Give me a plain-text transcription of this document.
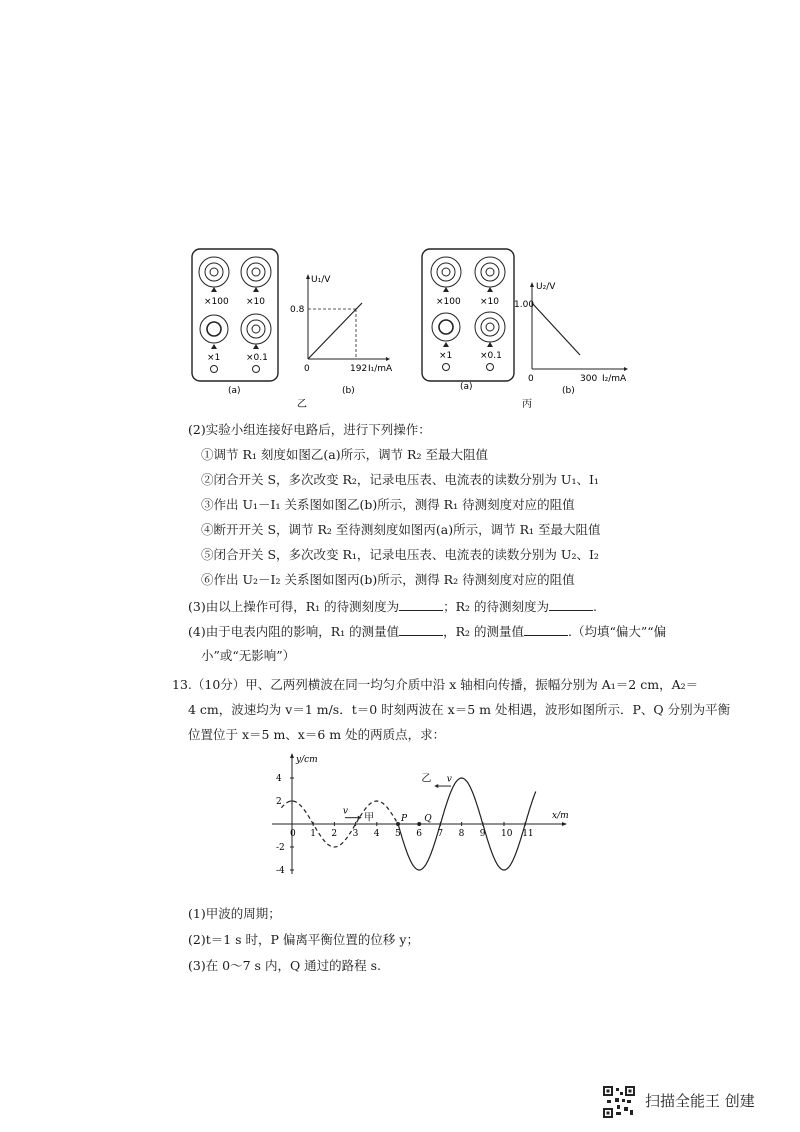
×100 ×10
×1	×0.1
(a)
U₁/V
0.8
192 I₁/mA
0
(b)
乙
×100 ×10
×1	×0.1
(a)
U₂/V
1.00
300 I₂/mA
0
(b)
丙
(2)实验小组连接好电路后，进行下列操作：
①调节 R₁ 刻度如图乙(a)所示，调节 R₂ 至最大阻值
②闭合开关 S，多次改变 R₂，记录电压表、电流表的读数分别为 U₁、I₁
③作出 U₁－I₁ 关系图如图乙(b)所示，测得 R₁ 待测刻度对应的阻值
④断开开关 S，调节 R₂ 至待测刻度如图丙(a)所示，调节 R₁ 至最大阻值
⑤闭合开关 S，多次改变 R₁，记录电压表、电流表的读数分别为 U₂、I₂
⑥作出 U₂－I₂ 关系图如图丙(b)所示，测得 R₂ 待测刻度对应的阻值
(3)由以上操作可得，R₁ 的待测刻度为	；R₂ 的待测刻度为	.
(4)由于电表内阻的影响，R₁ 的测量值	，R₂ 的测量值	.（均填“偏大”“偏
小”或“无影响”）
13.（10分）甲、乙两列横波在同一均匀介质中沿 x 轴相向传播，振幅分别为 A₁＝2 cm，A₂＝
4 cm，波速均为 v＝1 m/s．t＝0 时刻两波在 x＝5 m 处相遇，波形如图所示．P、Q 分别为平衡
位置位于 x＝5 m、x＝6 m 处的两质点，求：
y/cm
x/m
0 1 2 3 4 5 6 7 8 9 10 11
4
2
-2
-4
v
甲
乙 v
P Q
(1)甲波的周期；
(2)t＝1 s 时，P 偏离平衡位置的位移 y；
(3)在 0～7 s 内，Q 通过的路程 s.
扫描全能王 创建
